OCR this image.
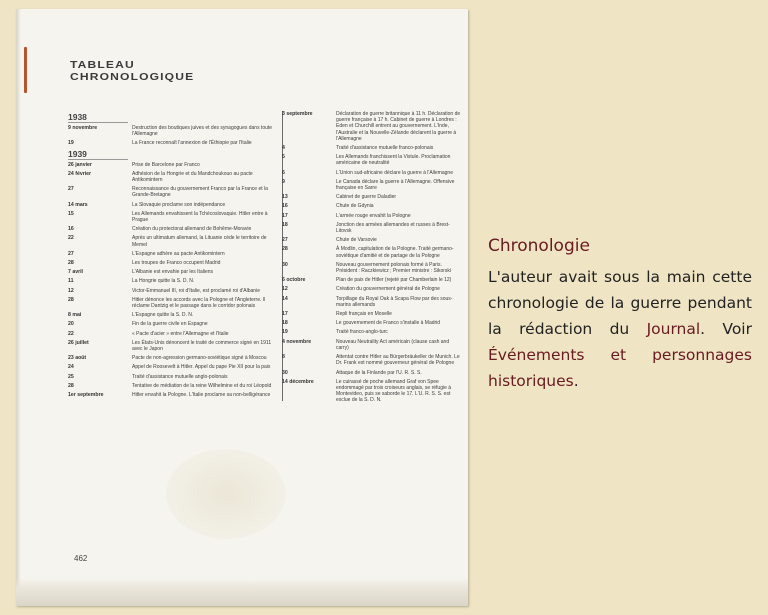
TABLEAU
CHRONOLOGIQUE
1938
9 novembre	Destruction des boutiques juives et des synagogues dans toute l'Allemagne
19	La France reconnaît l'annexion de l'Éthiopie par l'Italie
1939
26 janvier	Prise de Barcelone par Franco
24 février	Adhésion de la Hongrie et du Mandchoukouo au pacte Antikomintern
27	Reconnaissance du gouvernement Franco par la France et la Grande-Bretagne
14 mars	La Slovaquie proclame son indépendance
15	Les Allemands envahissent la Tchécoslovaquie. Hitler entre à Prague
16	Création du protectorat allemand de Bohême-Moravie
22	Après un ultimatum allemand, la Lituanie cède le territoire de Memel
27	L'Espagne adhère au pacte Antikomintern
28	Les troupes de Franco occupent Madrid
7 avril	L'Albanie est envahie par les Italiens
11	La Hongrie quitte la S. D. N.
12	Victor-Emmanuel III, roi d'Italie, est proclamé roi d'Albanie
28	Hitler dénonce les accords avec la Pologne et l'Angleterre. Il réclame Dantzig et le passage dans le corridor polonais
8 mai	L'Espagne quitte la S. D. N.
20	Fin de la guerre civile en Espagne
22	« Pacte d'acier » entre l'Allemagne et l'Italie
26 juillet	Les États-Unis dénoncent le traité de commerce signé en 1911 avec le Japon
23 août	Pacte de non-agression germano-soviétique signé à Moscou
24	Appel de Roosevelt à Hitler. Appel du pape Pie XII pour la paix
25	Traité d'assistance mutuelle anglo-polonais
28	Tentative de médiation de la reine Wilhelmine et du roi Léopold
1er septembre	Hitler envahit la Pologne. L'Italie proclame sa non-belligérance
3 septembre	Déclaration de guerre britannique à 11 h. Déclaration de guerre française à 17 h. Cabinet de guerre à Londres : Eden et Churchill entrent au gouvernement. L'Inde, l'Australie et la Nouvelle-Zélande déclarent la guerre à l'Allemagne
4	Traité d'assistance mutuelle franco-polonais
5	Les Allemands franchissent la Vistule. Proclamation américaine de neutralité
6	L'Union sud-africaine déclare la guerre à l'Allemagne
9	Le Canada déclare la guerre à l'Allemagne. Offensive française en Sarre
13	Cabinet de guerre Daladier
16	Chute de Gdynia
17	L'armée rouge envahit la Pologne
18	Jonction des armées allemandes et russes à Brest-Litovsk
27	Chute de Varsovie
28	À Modlin, capitulation de la Pologne. Traité germano-soviétique d'amitié et de partage de la Pologne
30	Nouveau gouvernement polonais formé à Paris. Président : Raczkiewicz ; Premier ministre : Sikorski
6 octobre	Plan de paix de Hitler (rejeté par Chamberlain le 12)
12	Création du gouvernement général de Pologne
14	Torpillage du Royal Oak à Scapa Flow par des sous-marins allemands
17	Repli français en Moselle
18	Le gouvernement de Franco s'installe à Madrid
19	Traité franco-anglo-turc
4 novembre	Nouveau Neutrality Act américain (clause cash and carry)
8	Attentat contre Hitler au Bürgerbräukeller de Munich. Le Dr. Frank est nommé gouverneur général de Pologne
30	Attaque de la Finlande par l'U. R. S. S.
14 décembre	Le cuirassé de poche allemand Graf von Spee endommagé par trois croiseurs anglais, se réfugie à Montevideo, puis se saborde le 17. L'U. R. S. S. est exclue de la S. D. N.
462
Chronologie

L'auteur avait sous la main cette chronologie de la guerre pendant la rédaction du Journal. Voir Événements et personnages historiques.
